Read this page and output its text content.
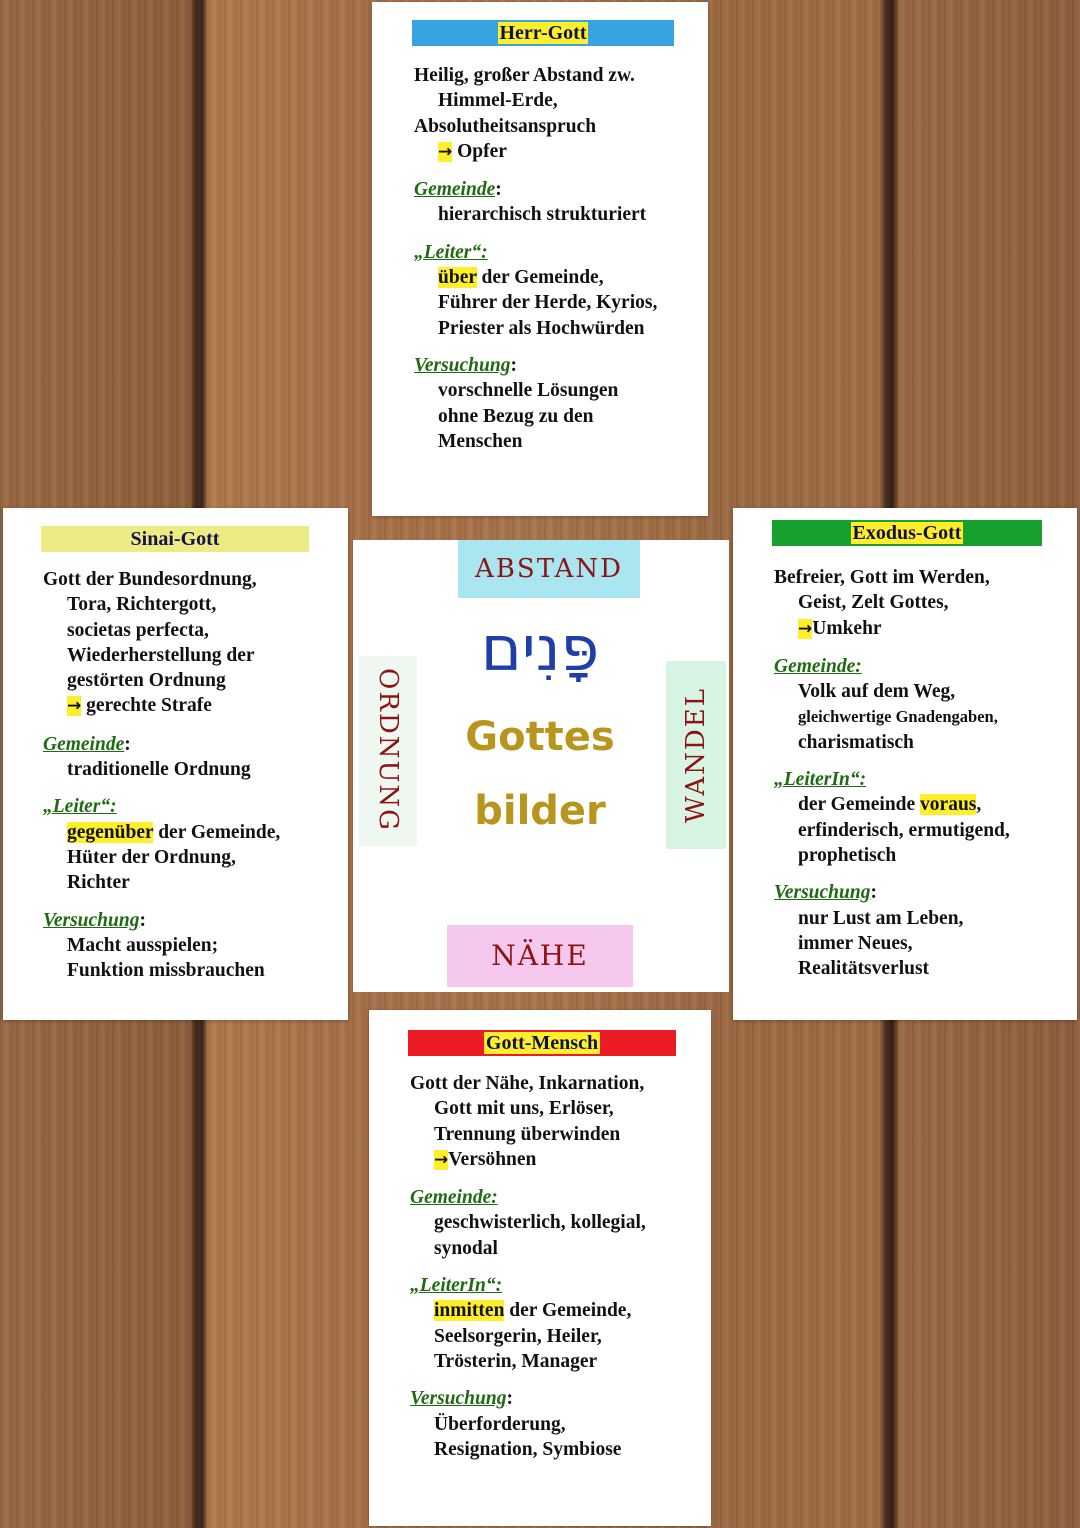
Herr-Gott
Heilig, großer Abstand zw.
Himmel-Erde,
Absolutheitsanspruch
→ Opfer
Gemeinde:
hierarchisch strukturiert
„Leiter“:
über der Gemeinde,
Führer der Herde, Kyrios,
Priester als Hochwürden
Versuchung:
vorschnelle Lösungen
ohne Bezug zu den
Menschen
Sinai-Gott
Gott der Bundesordnung,
Tora, Richtergott,
societas perfecta,
Wiederherstellung der
gestörten Ordnung
→ gerechte Strafe
Gemeinde:
traditionelle Ordnung
„Leiter“:
gegenüber der Gemeinde,
Hüter der Ordnung,
Richter
Versuchung:
Macht ausspielen;
Funktion missbrauchen
Exodus-Gott
Befreier, Gott im Werden,
Geist, Zelt Gottes,
→Umkehr
Gemeinde:
Volk auf dem Weg,
gleichwertige Gnadengaben,
charismatisch
„LeiterIn“:
der Gemeinde voraus,
erfinderisch, ermutigend,
prophetisch
Versuchung:
nur Lust am Leben,
immer Neues,
Realitätsverlust
Gott-Mensch
Gott der Nähe, Inkarnation,
Gott mit uns, Erlöser,
Trennung überwinden
→Versöhnen
Gemeinde:
geschwisterlich, kollegial,
synodal
„LeiterIn“:
inmitten der Gemeinde,
Seelsorgerin, Heiler,
Trösterin, Manager
Versuchung:
Überforderung,
Resignation, Symbiose
ABSTAND
ORDNUNG	WANDEL
NÄHE
פָּנִים
Gottes
bilder
